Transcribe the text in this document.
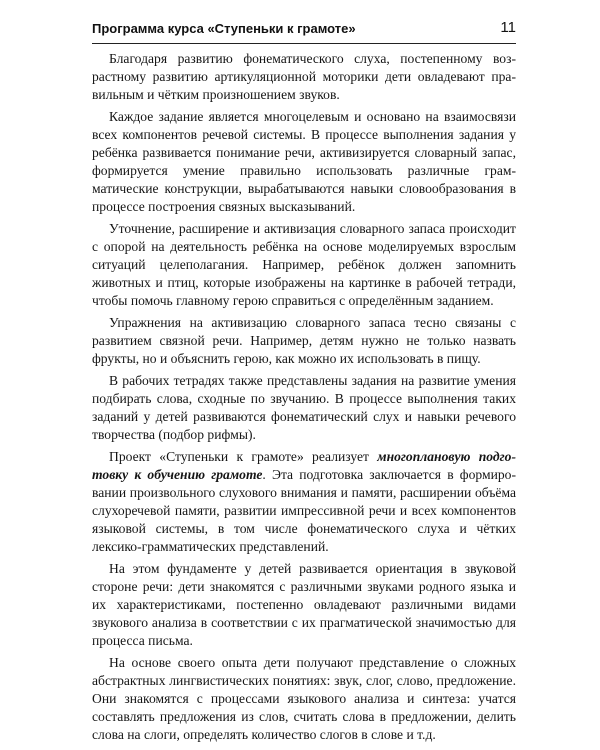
Программа курса «Ступеньки к грамоте»	11

Благодаря развитию фонематического слуха, постепенному возрастному развитию артикуляционной моторики дети овладевают правильным и чётким произношением звуков.

Каждое задание является многоцелевым и основано на взаимосвязи всех компонентов речевой системы. В процессе выполнения задания у ребёнка развивается понимание речи, активизируется словарный запас, формируется умение правильно использовать различные грамматические конструкции, вырабатываются навыки словообразования в процессе построения связных высказываний.

Уточнение, расширение и активизация словарного запаса происходит с опорой на деятельность ребёнка на основе моделируемых взрослым ситуаций целеполагания. Например, ребёнок должен запомнить животных и птиц, которые изображены на картинке в рабочей тетради, чтобы помочь главному герою справиться с определённым заданием.

Упражнения на активизацию словарного запаса тесно связаны с развитием связной речи. Например, детям нужно не только назвать фрукты, но и объяснить герою, как можно их использовать в пищу.

В рабочих тетрадях также представлены задания на развитие умения подбирать слова, сходные по звучанию. В процессе выполнения таких заданий у детей развиваются фонематический слух и навыки речевого творчества (подбор рифмы).

Проект «Ступеньки к грамоте» реализует многоплановую подготовку к обучению грамоте. Эта подготовка заключается в формировании произвольного слухового внимания и памяти, расширении объёма слухоречевой памяти, развитии импрессивной речи и всех компонентов языковой системы, в том числе фонематического слуха и чётких лексико-грамматических представлений.

На этом фундаменте у детей развивается ориентация в звуковой стороне речи: дети знакомятся с различными звуками родного языка и их характеристиками, постепенно овладевают различными видами звукового анализа в соответствии с их прагматической значимостью для процесса письма.

На основе своего опыта дети получают представление о сложных абстрактных лингвистических понятиях: звук, слог, слово, предложение. Они знакомятся с процессами языкового анализа и синтеза: учатся составлять предложения из слов, считать слова в предложении, делить слова на слоги, определять количество слогов в слове и т.д.
